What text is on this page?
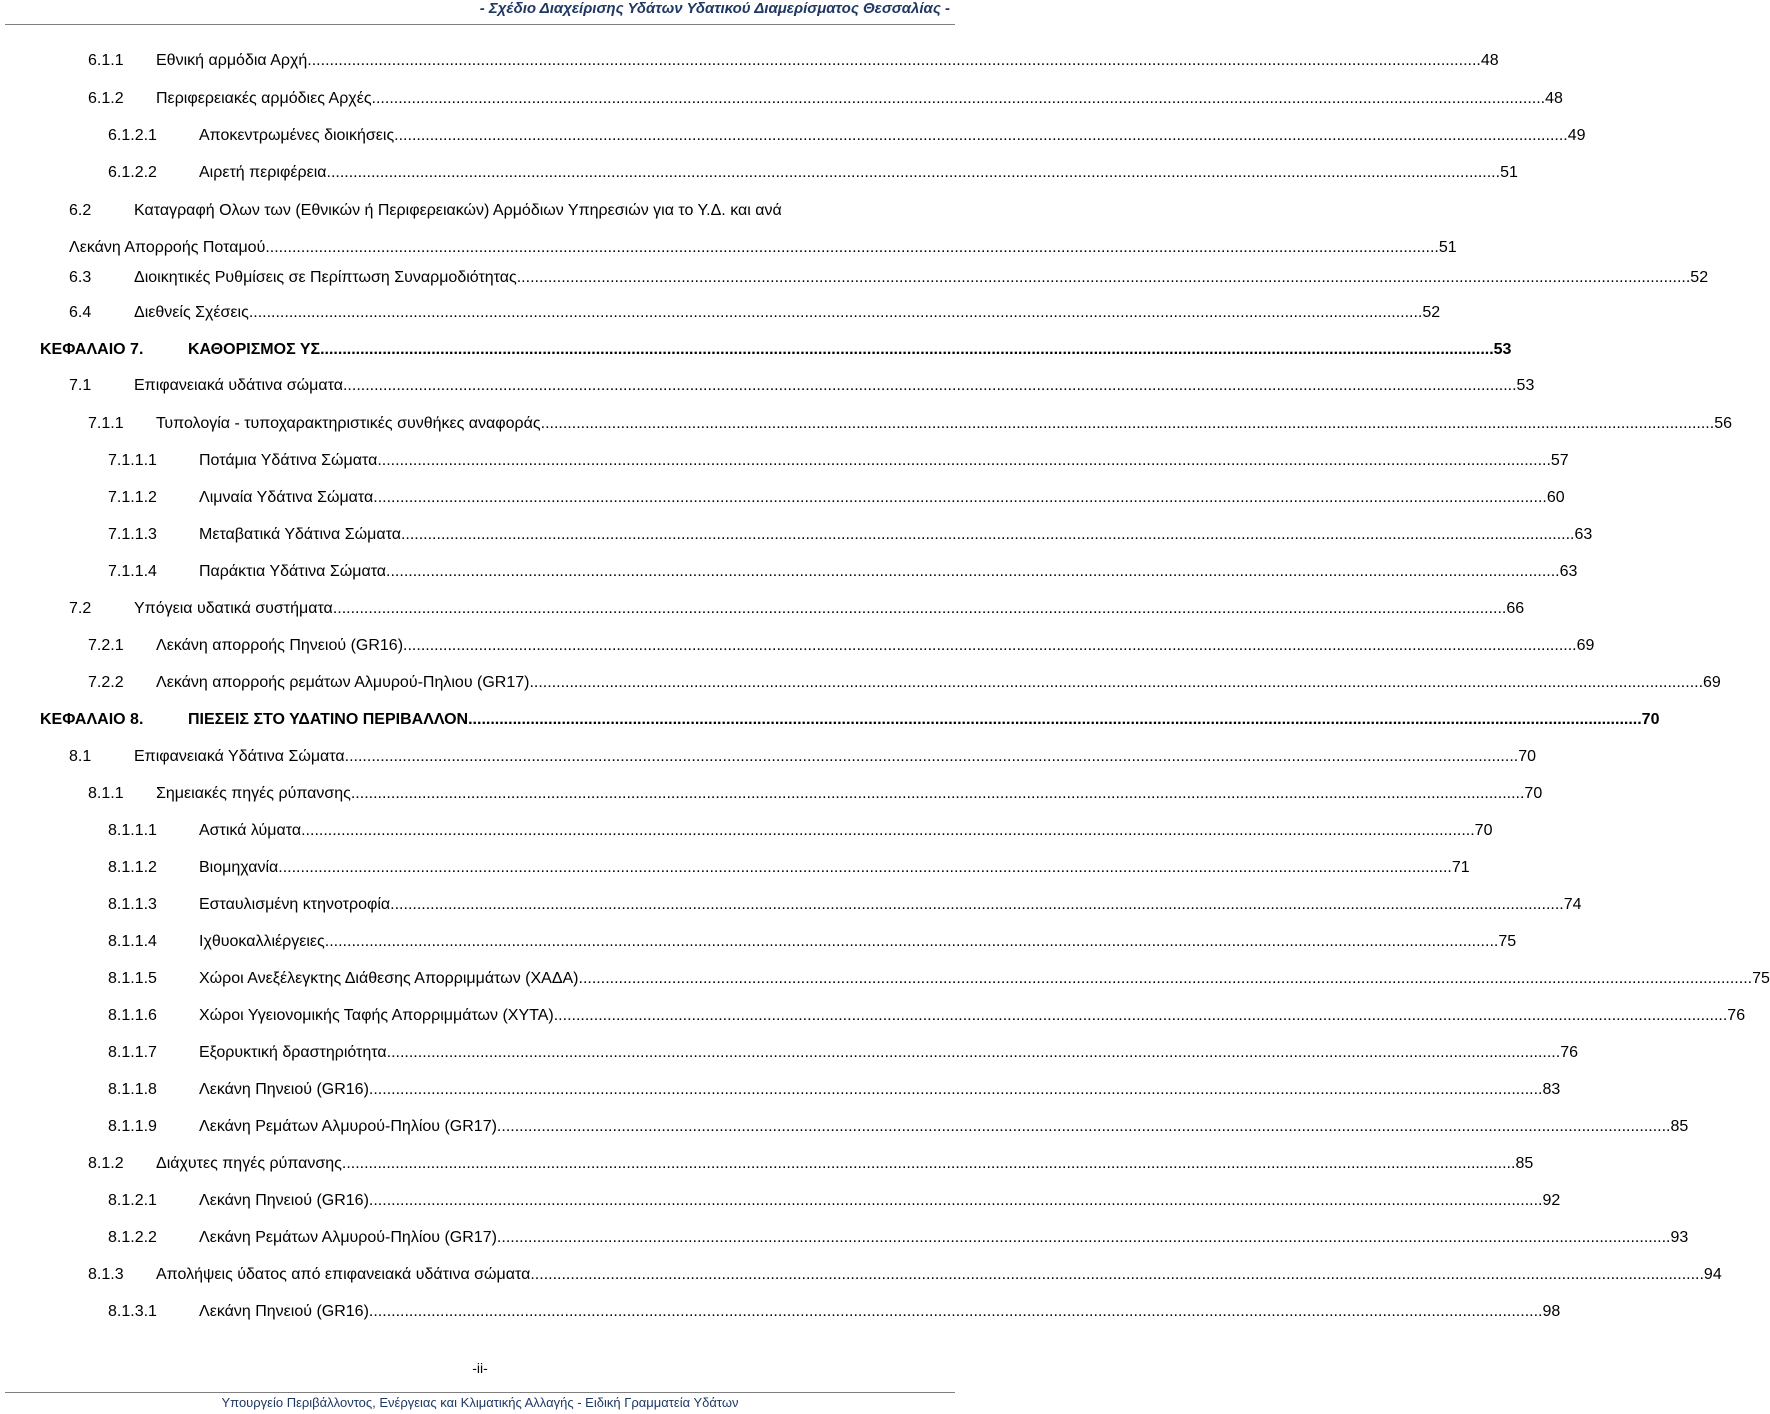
- Σχέδιο Διαχείρισης Υδάτων Υδατικού Διαμερίσματος Θεσσαλίας -
6.1.1 Εθνική αρμόδια Αρχή .....	48
6.1.2 Περιφερειακές αρμόδιες Αρχές .....	48
6.1.2.1	Αποκεντρωμένες διοικήσεις .....	49
6.1.2.2	Αιρετή περιφέρεια .....	51
6.2	Καταγραφή Ολων των (Εθνικών ή Περιφερειακών) Αρμόδιων Υπηρεσιών για το Υ.Δ. και ανά
Λεκάνη Απορροής Ποταμού .....	51
6.3	Διοικητικές Ρυθμίσεις σε Περίπτωση Συναρμοδιότητας .....	52
6.4	Διεθνείς Σχέσεις .....	52
ΚΕΦΑΛΑΙΟ 7.	ΚΑΘΟΡΙΣΜΟΣ ΥΣ .....	53
7.1	Επιφανειακά υδάτινα σώματα .....	53
7.1.1 Τυπολογία - τυποχαρακτηριστικές συνθήκες αναφοράς .....	56
7.1.1.1	Ποτάμια Υδάτινα Σώματα .....	57
7.1.1.2	Λιμναία Υδάτινα Σώματα .....	60
7.1.1.3	Μεταβατικά Υδάτινα Σώματα .....	63
7.1.1.4	Παράκτια Υδάτινα Σώματα .....	63
7.2	Υπόγεια υδατικά συστήματα .....	66
7.2.1 Λεκάνη απορροής Πηνειού (GR16) .....	69
7.2.2 Λεκάνη απορροής ρεμάτων Αλμυρού-Πηλιου (GR17) .....	69
ΚΕΦΑΛΑΙΟ 8.	ΠΙΕΣΕΙΣ ΣΤΟ ΥΔΑΤΙΝΟ ΠΕΡΙΒΑΛΛΟΝ .....	70
8.1	Επιφανειακά Υδάτινα Σώματα .....	70
8.1.1 Σημειακές πηγές ρύπανσης .....	70
8.1.1.1	Αστικά λύματα .....	70
8.1.1.2	Βιομηχανία .....	71
8.1.1.3	Εσταυλισμένη κτηνοτροφία .....	74
8.1.1.4	Ιχθυοκαλλιέργειες .....	75
8.1.1.5	Χώροι Ανεξέλεγκτης Διάθεσης Απορριμμάτων (ΧΑΔΑ) .....	75
8.1.1.6	Χώροι Υγειονομικής Ταφής Απορριμμάτων (ΧΥΤΑ) .....	76
8.1.1.7	Εξορυκτική δραστηριότητα .....	76
8.1.1.8	Λεκάνη Πηνειού (GR16) .....	83
8.1.1.9	Λεκάνη Ρεμάτων Αλμυρού-Πηλίου (GR17) .....	85
8.1.2 Διάχυτες πηγές ρύπανσης .....	85
8.1.2.1	Λεκάνη Πηνειού (GR16) .....	92
8.1.2.2	Λεκάνη Ρεμάτων Αλμυρού-Πηλίου (GR17) .....	93
8.1.3 Απολήψεις ύδατος από επιφανειακά υδάτινα σώματα .....	94
8.1.3.1	Λεκάνη Πηνειού (GR16) .....	98
-ii-
Υπουργείο Περιβάλλοντος, Ενέργειας και Κλιματικής Αλλαγής - Ειδική Γραμματεία Υδάτων
